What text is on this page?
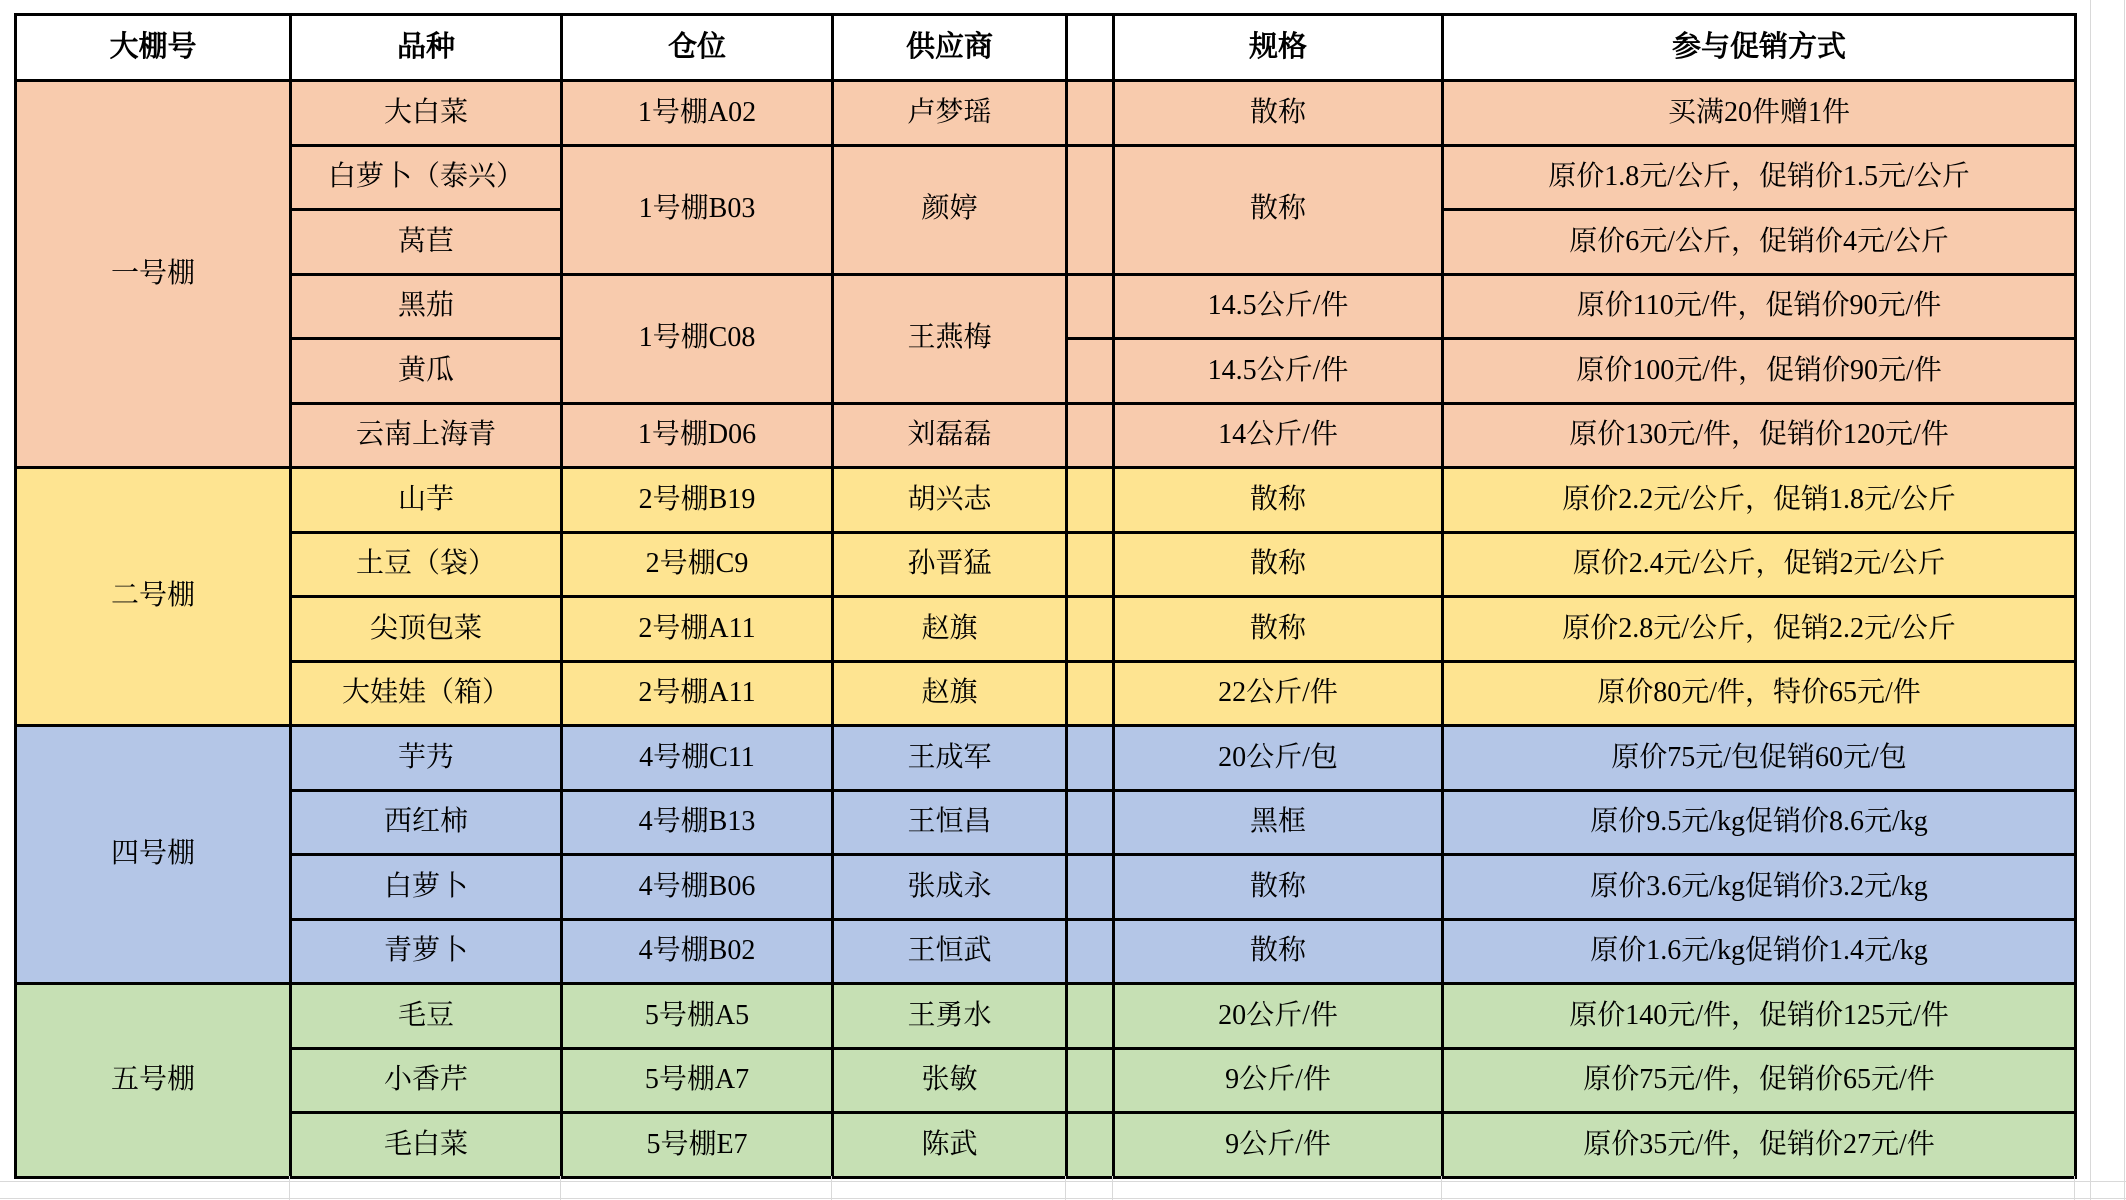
大棚号	品种	仓位	供应商		规格	参与促销方式
一号棚	大白菜	1号棚A02	卢梦瑶		散称	买满20件赠1件
	白萝卜（泰兴）	1号棚B03	颜婷		散称	原价1.8元/公斤，促销价1.5元/公斤
	莴苣					原价6元/公斤，促销价4元/公斤
	黑茄	1号棚C08	王燕梅		14.5公斤/件	原价110元/件，促销价90元/件
	黄瓜				14.5公斤/件	原价100元/件，促销价90元/件
	云南上海青	1号棚D06	刘磊磊		14公斤/件	原价130元/件，促销价120元/件
二号棚	山芋	2号棚B19	胡兴志		散称	原价2.2元/公斤，促销1.8元/公斤
	土豆（袋）	2号棚C9	孙晋猛		散称	原价2.4元/公斤，促销2元/公斤
	尖顶包菜	2号棚A11	赵旗		散称	原价2.8元/公斤，促销2.2元/公斤
	大娃娃（箱）	2号棚A11	赵旗		22公斤/件	原价80元/件，特价65元/件
四号棚	芋艿	4号棚C11	王成军		20公斤/包	原价75元/包促销60元/包
	西红柿	4号棚B13	王恒昌		黑框	原价9.5元/kg促销价8.6元/kg
	白萝卜	4号棚B06	张成永		散称	原价3.6元/kg促销价3.2元/kg
	青萝卜	4号棚B02	王恒武		散称	原价1.6元/kg促销价1.4元/kg
五号棚	毛豆	5号棚A5	王勇水		20公斤/件	原价140元/件，促销价125元/件
	小香芹	5号棚A7	张敏		9公斤/件	原价75元/件，促销价65元/件
	毛白菜	5号棚E7	陈武		9公斤/件	原价35元/件，促销价27元/件
